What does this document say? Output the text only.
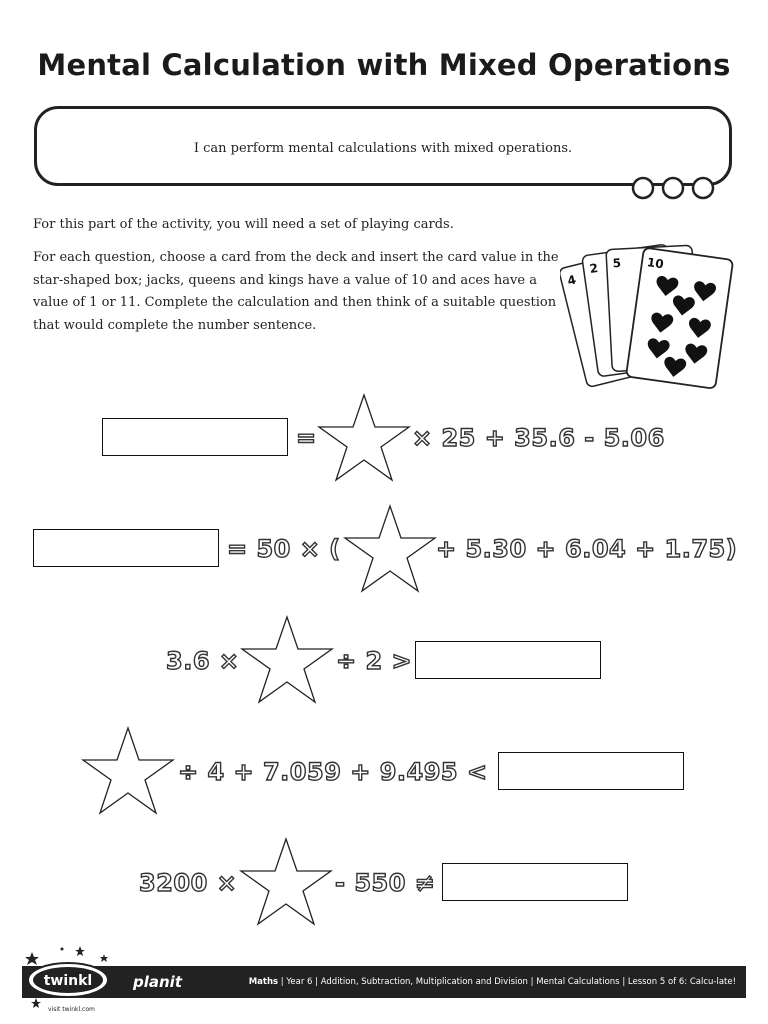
Mental Calculation with Mixed Operations
I can perform mental calculations with mixed operations.
For this part of the activity, you will need a set of playing cards.
For each question, choose a card from the deck and insert the card value in the star-shaped box; jacks, queens and kings have a value of 10 and aces have a value of 1 or 11. Complete the calculation and then think of a suitable question that would complete the number sentence.
4
2 5 10
=	× 25 + 35.6 - 5.06
= 50 × (	+ 5.30 + 6.04 + 1.75)
3.6 ×	÷ 2 >
÷ 4 + 7.059 + 9.495 <
3200 ×	- 550 ≠
Maths | Year 6 | Addition, Subtraction, Multiplication and Division | Mental Calculations | Lesson 5 of 6: Calcu-late!
twinkl	planit
visit twinkl.com
